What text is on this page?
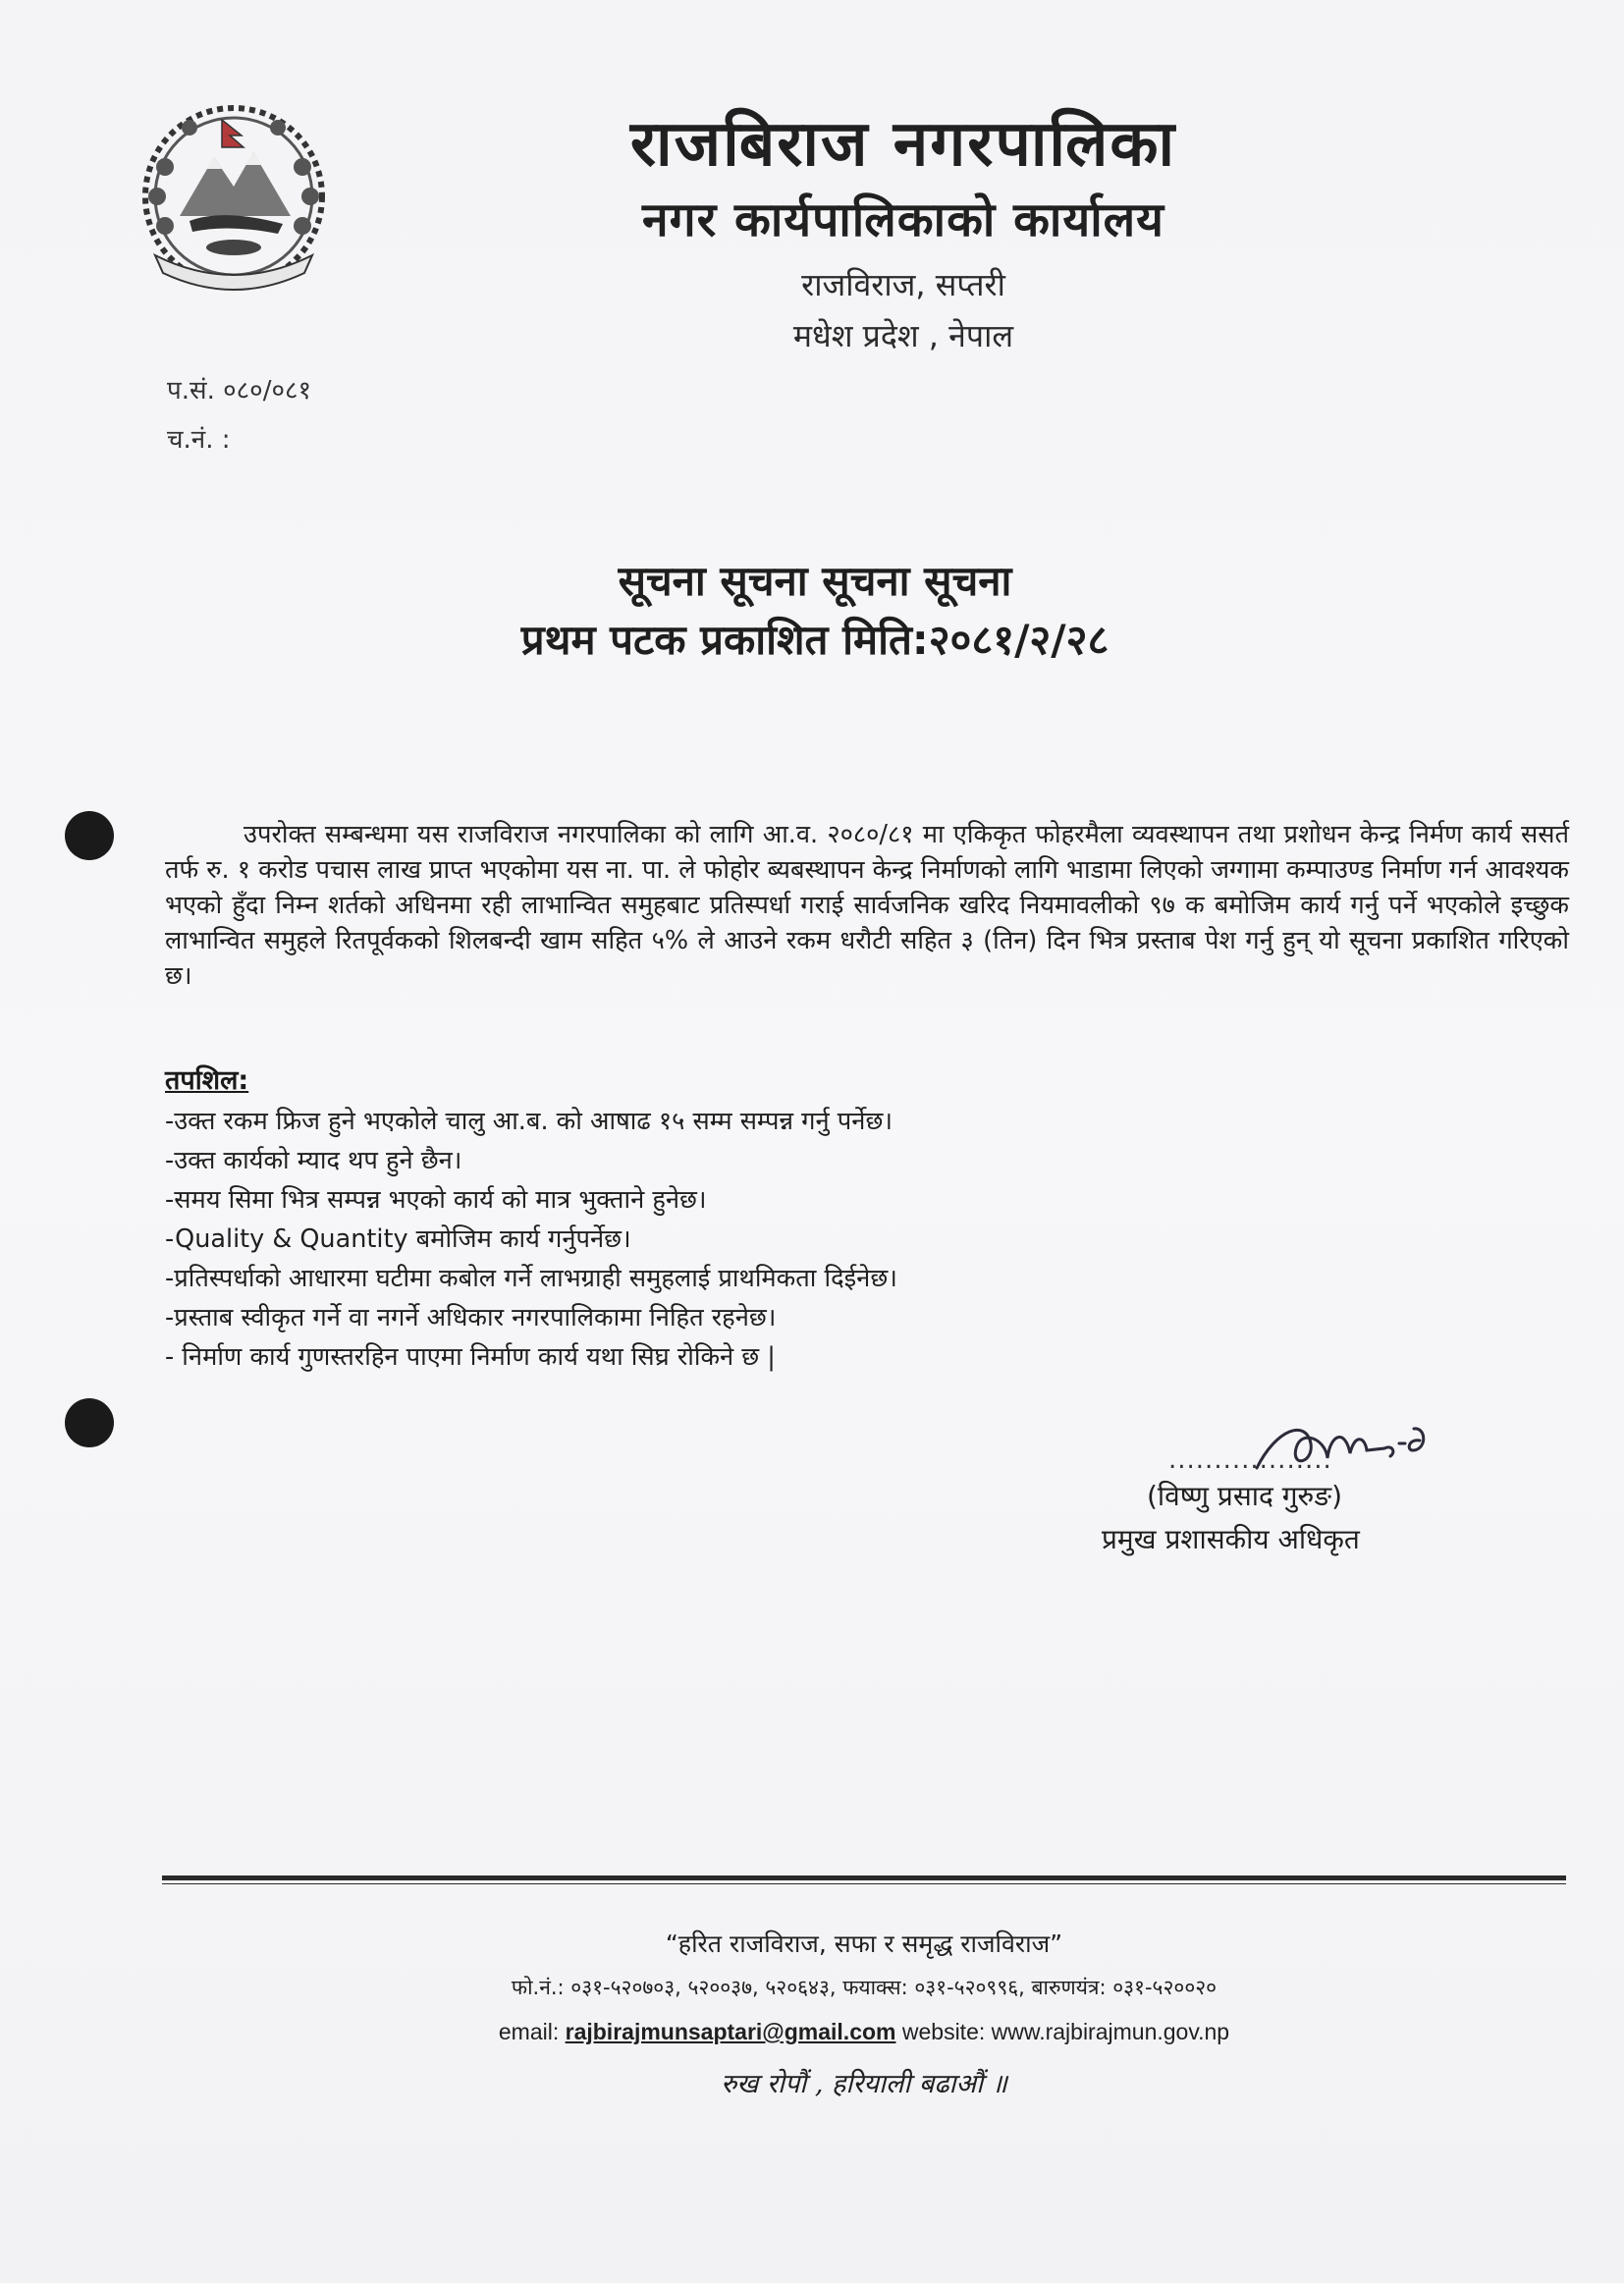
राजबिराज नगरपालिका
नगर कार्यपालिकाको कार्यालय
राजविराज, सप्तरी
मधेश प्रदेश , नेपाल
प.सं. ०८०/०८१
च.नं. :
सूचना सूचना सूचना सूचना
प्रथम पटक प्रकाशित मिति:२०८१/२/२८
उपरोक्त सम्बन्धमा यस राजविराज नगरपालिका को लागि आ.व. २०८०/८१ मा एकिकृत फोहरमैला व्यवस्थापन तथा प्रशोधन केन्द्र निर्मण कार्य ससर्त तर्फ रु. १ करोड पचास लाख प्राप्त भएकोमा यस ना. पा. ले फोहोर ब्यबस्थापन केन्द्र निर्माणको लागि भाडामा लिएको जग्गामा कम्पाउण्ड निर्माण गर्न आवश्यक भएको हुँदा निम्न शर्तको अधिनमा रही लाभान्वित समुहबाट प्रतिस्पर्धा गराई सार्वजनिक खरिद नियमावलीको ९७ क बमोजिम कार्य गर्नु पर्ने भएकोले इच्छुक लाभान्वित समुहले रितपूर्वकको शिलबन्दी खाम सहित ५% ले आउने रकम धरौटी सहित ३ (तिन) दिन भित्र प्रस्ताब पेश गर्नु हुन् यो सूचना प्रकाशित गरिएको छ।
तपशिल:
-उक्त रकम फ्रिज हुने भएकोले चालु आ.ब. को आषाढ १५ सम्म सम्पन्न गर्नु पर्नेछ।
-उक्त कार्यको म्याद थप हुने छैन।
-समय सिमा भित्र सम्पन्न भएको कार्य को मात्र भुक्ताने हुनेछ।
-Quality & Quantity बमोजिम कार्य गर्नुपर्नेछ।
-प्रतिस्पर्धाको आधारमा घटीमा कबोल गर्ने लाभग्राही समुहलाई प्राथमिकता दिईनेछ।
-प्रस्ताब स्वीकृत गर्ने वा नगर्ने अधिकार नगरपालिकामा निहित रहनेछ।
- निर्माण कार्य गुणस्तरहिन पाएमा निर्माण कार्य यथा सिघ्र रोकिने छ |
..................
(विष्णु प्रसाद गुरुङ)
प्रमुख प्रशासकीय अधिकृत
“हरित राजविराज, सफा र समृद्ध राजविराज”
फो.नं.: ०३१-५२०७०३, ५२००३७, ५२०६४३, फयाक्स: ०३१-५२०९९६, बारुणयंत्र: ०३१-५२००२०
email: rajbirajmunsaptari@gmail.com website: www.rajbirajmun.gov.np
रुख रोपौं , हरियाली बढाऔं ॥
